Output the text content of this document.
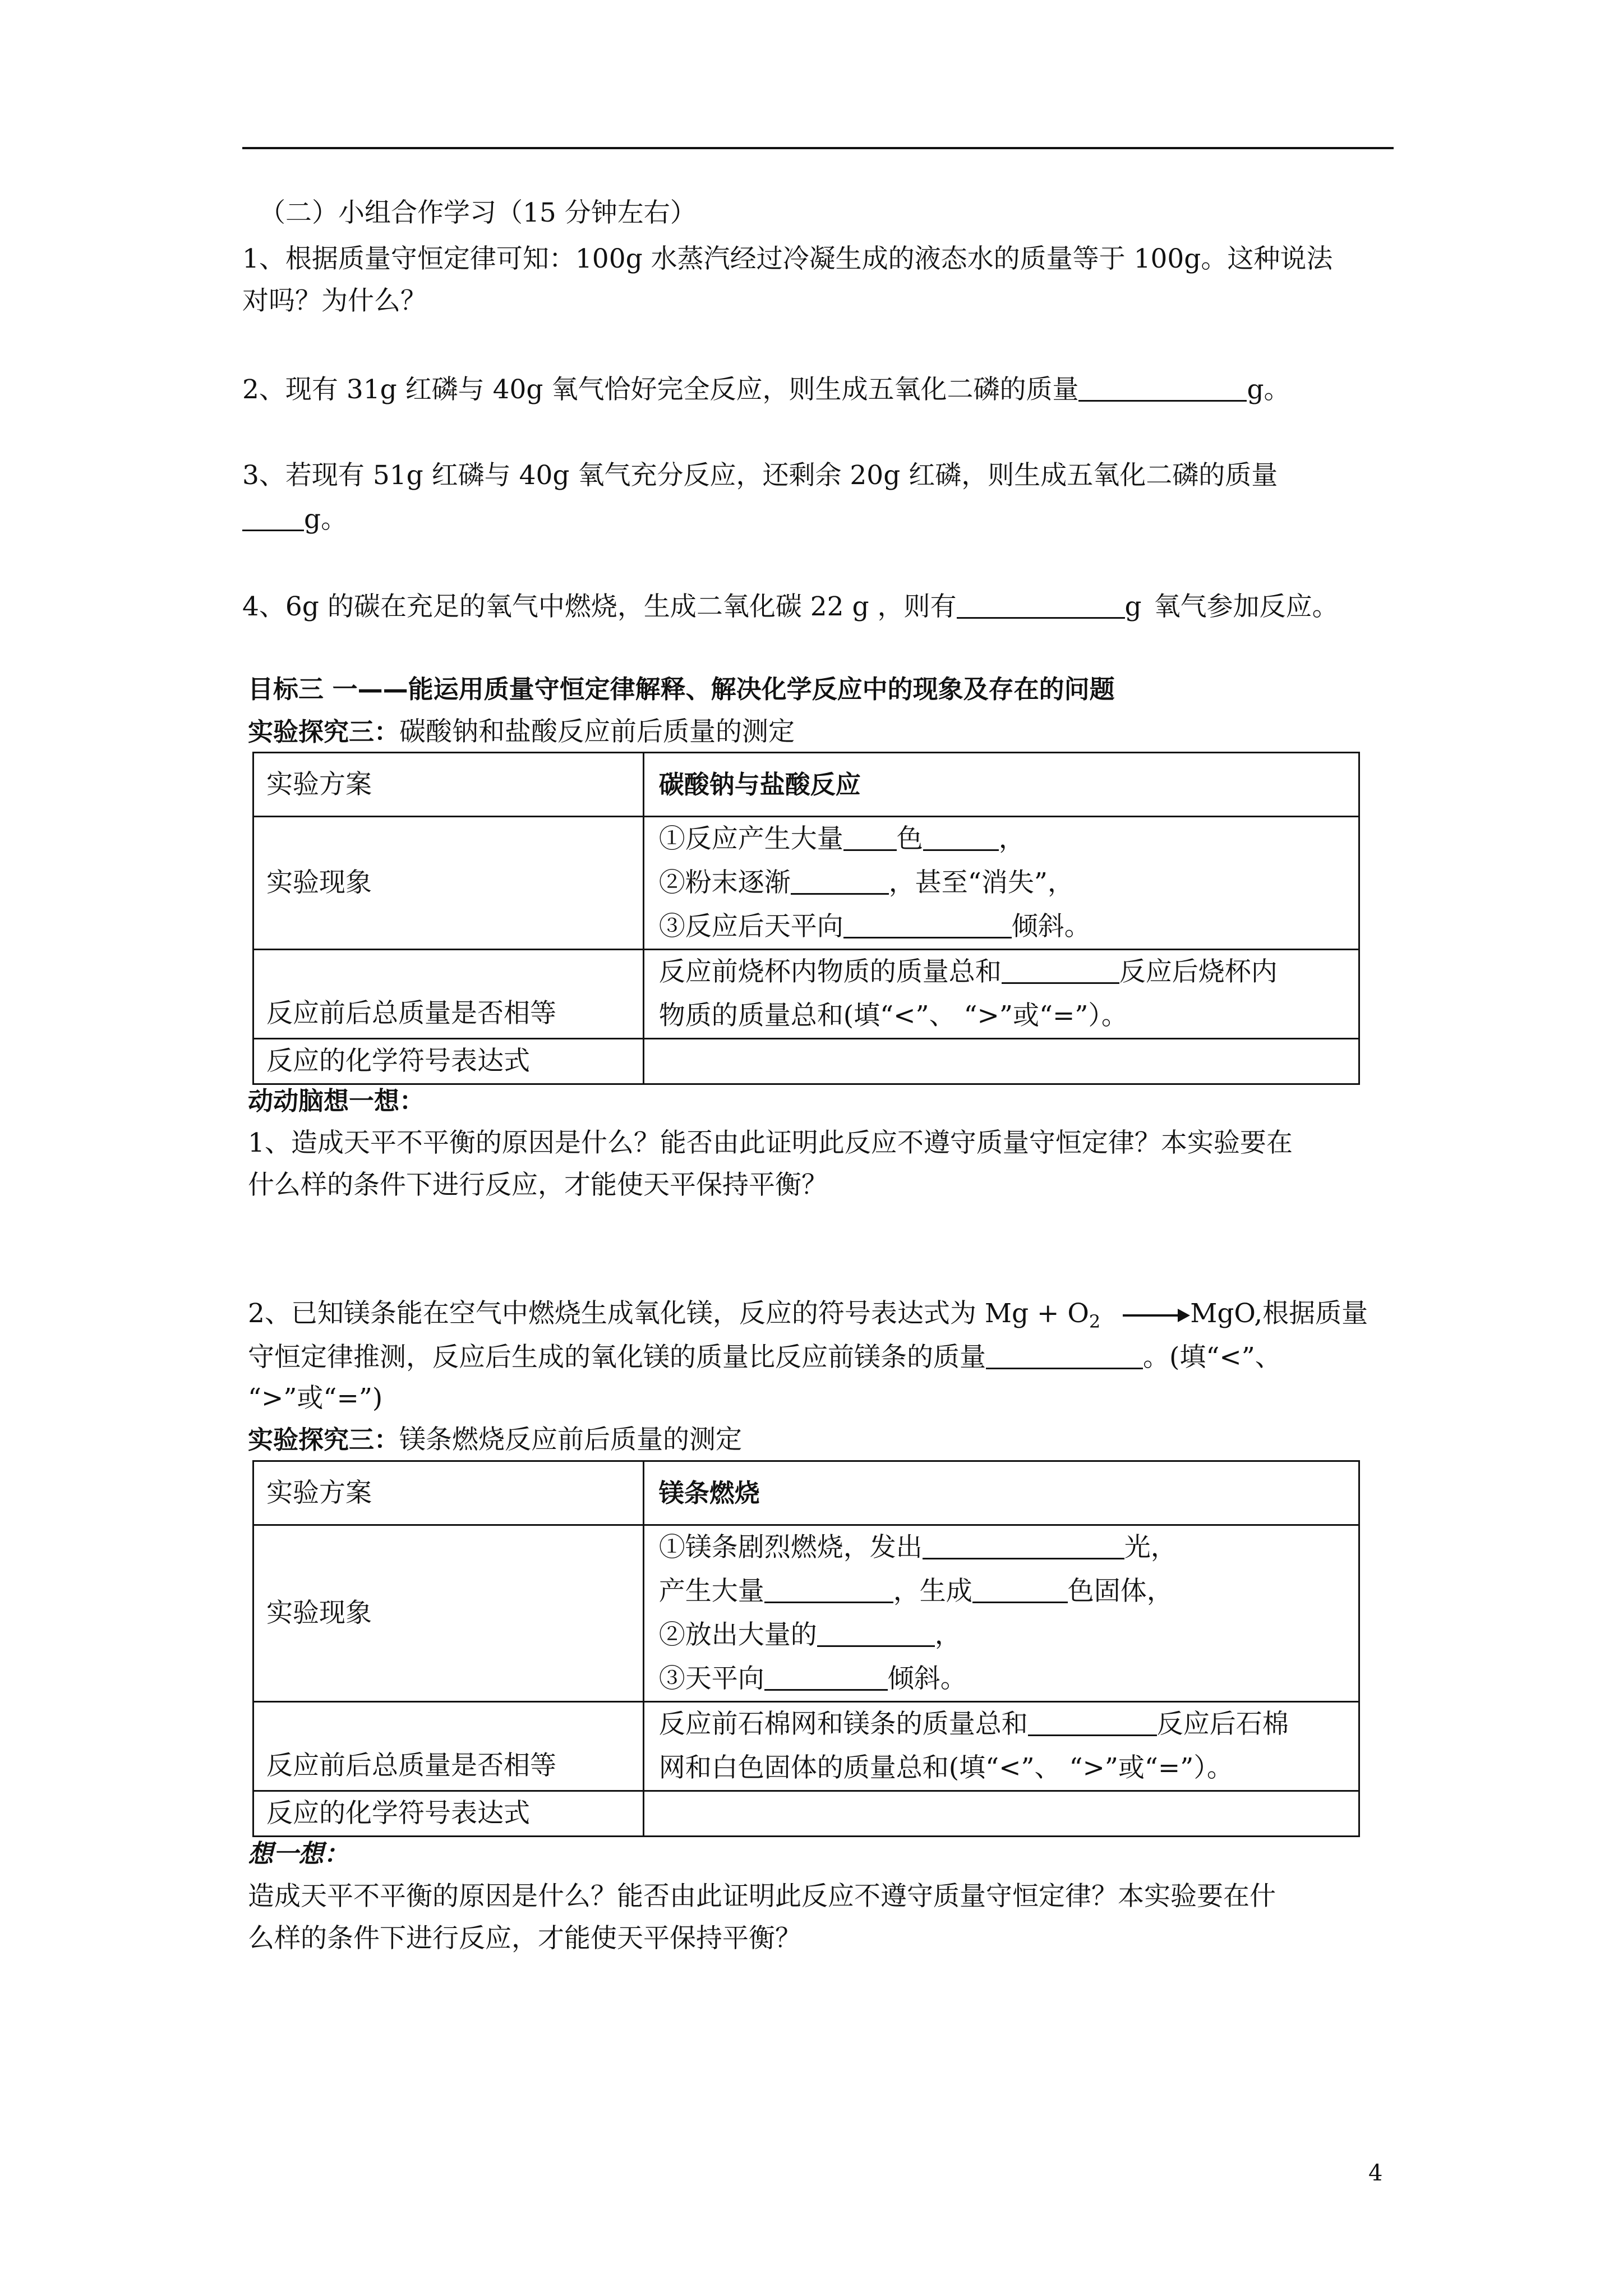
（二）小组合作学习（15 分钟左右）
1、根据质量守恒定律可知：100g 水蒸汽经过冷凝生成的液态水的质量等于 100g。这种说法
对吗？为什么？
2、现有 31g 红磷与 40g 氧气恰好完全反应，则生成五氧化二磷的质量	g。
3、若现有 51g 红磷与 40g 氧气充分反应，还剩余 20g 红磷，则生成五氧化二磷的质量
g。
4、6g 的碳在充足的氧气中燃烧，生成二氧化碳 22 g ，则有	g 氧气参加反应。
目标三 一——能运用质量守恒定律解释、解决化学反应中的现象及存在的问题
实验探究三：碳酸钠和盐酸反应前后质量的测定
实验方案	碳酸钠与盐酸反应
实验现象	①反应产生大量 色 ，
②粉末逐渐 ，甚至“消失”，
③反应后天平向 倾斜。

反应前后总质量是否相等	反应前烧杯内物质的质量总和 反应后烧杯内
物质的质量总和(填“<”、 “>”或“=”）。

反应的化学符号表达式	
动动脑想一想：
1、造成天平不平衡的原因是什么？能否由此证明此反应不遵守质量守恒定律？本实验要在
什么样的条件下进行反应，才能使天平保持平衡？
2、已知镁条能在空气中燃烧生成氧化镁，反应的符号表达式为 $Mg + O_2$	MgO,根据质量
守恒定律推测，反应后生成的氧化镁的质量比反应前镁条的质量	。(填“<”、
“>”或“=”)
实验探究三：镁条燃烧反应前后质量的测定
实验方案	镁条燃烧
实验现象	①镁条剧烈燃烧，发出 光，
产生大量 ，生成 色固体，
②放出大量的 ，
③天平向 倾斜。

反应前后总质量是否相等	反应前石棉网和镁条的质量总和 反应后石棉
网和白色固体的质量总和(填“<”、 “>”或“=”）。

反应的化学符号表达式	
想一想：
造成天平不平衡的原因是什么？能否由此证明此反应不遵守质量守恒定律？本实验要在什
么样的条件下进行反应，才能使天平保持平衡？
4
